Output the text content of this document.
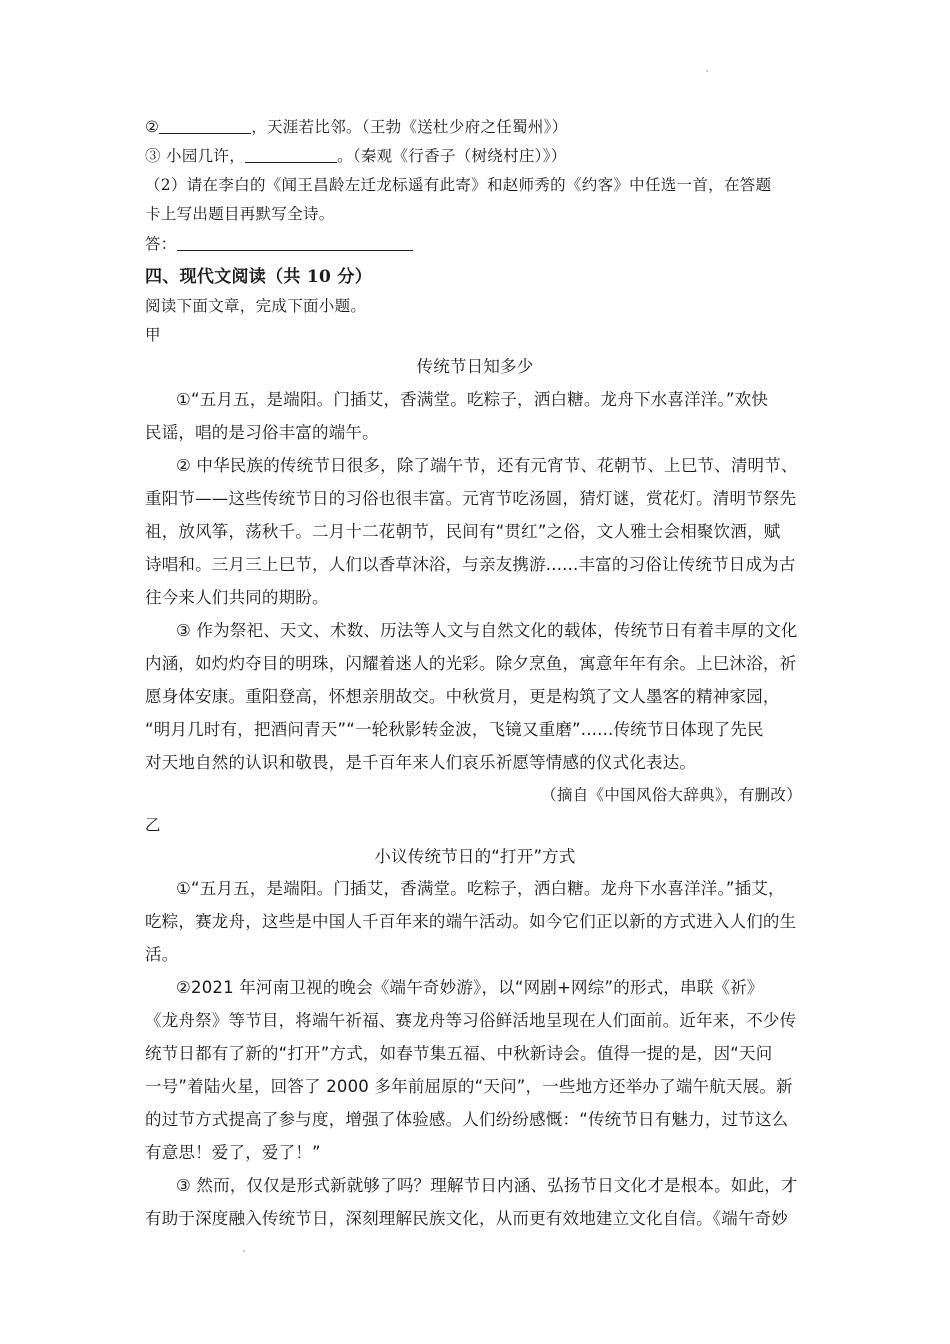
②	，天涯若比邻。（王勃《送杜少府之任蜀州》）
③ 小园几许，	。（秦观《行香子（树绕村庄）》）
（2）请在李白的《闻王昌龄左迁龙标遥有此寄》和赵师秀的《约客》中任选一首，在答题
卡上写出题目再默写全诗。
答：
四、现代文阅读（共 10 分）
阅读下面文章，完成下面小题。
甲
传统节日知多少
①“五月五，是端阳。门插艾，香满堂。吃粽子，洒白糖。龙舟下水喜洋洋。”欢快
民谣，唱的是习俗丰富的端午。
② 中华民族的传统节日很多，除了端午节，还有元宵节、花朝节、上巳节、清明节、
重阳节——这些传统节日的习俗也很丰富。元宵节吃汤圆，猜灯谜，赏花灯。清明节祭先
祖，放风筝，荡秋千。二月十二花朝节，民间有“贯红”之俗，文人雅士会相聚饮酒，赋
诗唱和。三月三上巳节，人们以香草沐浴，与亲友携游......丰富的习俗让传统节日成为古
往今来人们共同的期盼。
③ 作为祭祀、天文、术数、历法等人文与自然文化的载体，传统节日有着丰厚的文化
内涵，如灼灼夺目的明珠，闪耀着迷人的光彩。除夕烹鱼，寓意年年有余。上巳沐浴，祈
愿身体安康。重阳登高，怀想亲朋故交。中秋赏月，更是构筑了文人墨客的精神家园，
“明月几时有，把酒问青天”“一轮秋影转金波，飞镜又重磨”......传统节日体现了先民
对天地自然的认识和敬畏，是千百年来人们哀乐祈愿等情感的仪式化表达。
（摘自《中国风俗大辞典》，有删改）
乙
小议传统节日的“打开”方式
①“五月五，是端阳。门插艾，香满堂。吃粽子，洒白糖。龙舟下水喜洋洋。”插艾，
吃粽，赛龙舟，这些是中国人千百年来的端午活动。如今它们正以新的方式进入人们的生
活。
②2021 年河南卫视的晚会《端午奇妙游》，以“网剧+网综”的形式，串联《祈》
《龙舟祭》等节目，将端午祈福、赛龙舟等习俗鲜活地呈现在人们面前。近年来，不少传
统节日都有了新的“打开”方式，如春节集五福、中秋新诗会。值得一提的是，因“天问
一号”着陆火星，回答了 2000 多年前屈原的“天问”，一些地方还举办了端午航天展。新
的过节方式提高了参与度，增强了体验感。人们纷纷感慨：“传统节日有魅力，过节这么
有意思！爱了，爱了！”
③ 然而，仅仅是形式新就够了吗？理解节日内涵、弘扬节日文化才是根本。如此，才
有助于深度融入传统节日，深刻理解民族文化，从而更有效地建立文化自信。《端午奇妙
